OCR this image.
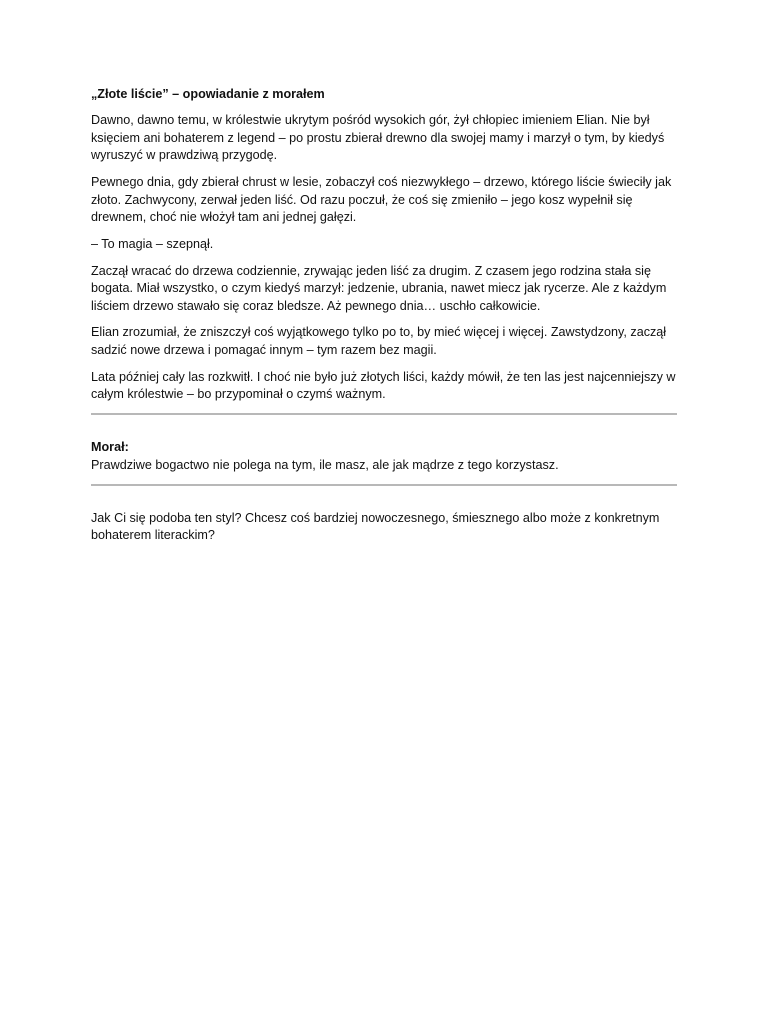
„Złote liście” – opowiadanie z morałem

Dawno, dawno temu, w królestwie ukrytym pośród wysokich gór, żył chłopiec imieniem Elian. Nie był księciem ani bohaterem z legend – po prostu zbierał drewno dla swojej mamy i marzył o tym, by kiedyś wyruszyć w prawdziwą przygodę.

Pewnego dnia, gdy zbierał chrust w lesie, zobaczył coś niezwykłego – drzewo, którego liście świeciły jak złoto. Zachwycony, zerwał jeden liść. Od razu poczuł, że coś się zmieniło – jego kosz wypełnił się drewnem, choć nie włożył tam ani jednej gałęzi.

– To magia – szepnął.

Zaczął wracać do drzewa codziennie, zrywając jeden liść za drugim. Z czasem jego rodzina stała się bogata. Miał wszystko, o czym kiedyś marzył: jedzenie, ubrania, nawet miecz jak rycerze. Ale z każdym liściem drzewo stawało się coraz bledsze. Aż pewnego dnia… uschło całkowicie.

Elian zrozumiał, że zniszczył coś wyjątkowego tylko po to, by mieć więcej i więcej. Zawstydzony, zaczął sadzić nowe drzewa i pomagać innym – tym razem bez magii.

Lata później cały las rozkwitł. I choć nie było już złotych liści, każdy mówił, że ten las jest najcenniejszy w całym królestwie – bo przypominał o czymś ważnym.

Morał:
Prawdziwe bogactwo nie polega na tym, ile masz, ale jak mądrze z tego korzystasz.

Jak Ci się podoba ten styl? Chcesz coś bardziej nowoczesnego, śmiesznego albo może z konkretnym bohaterem literackim?
